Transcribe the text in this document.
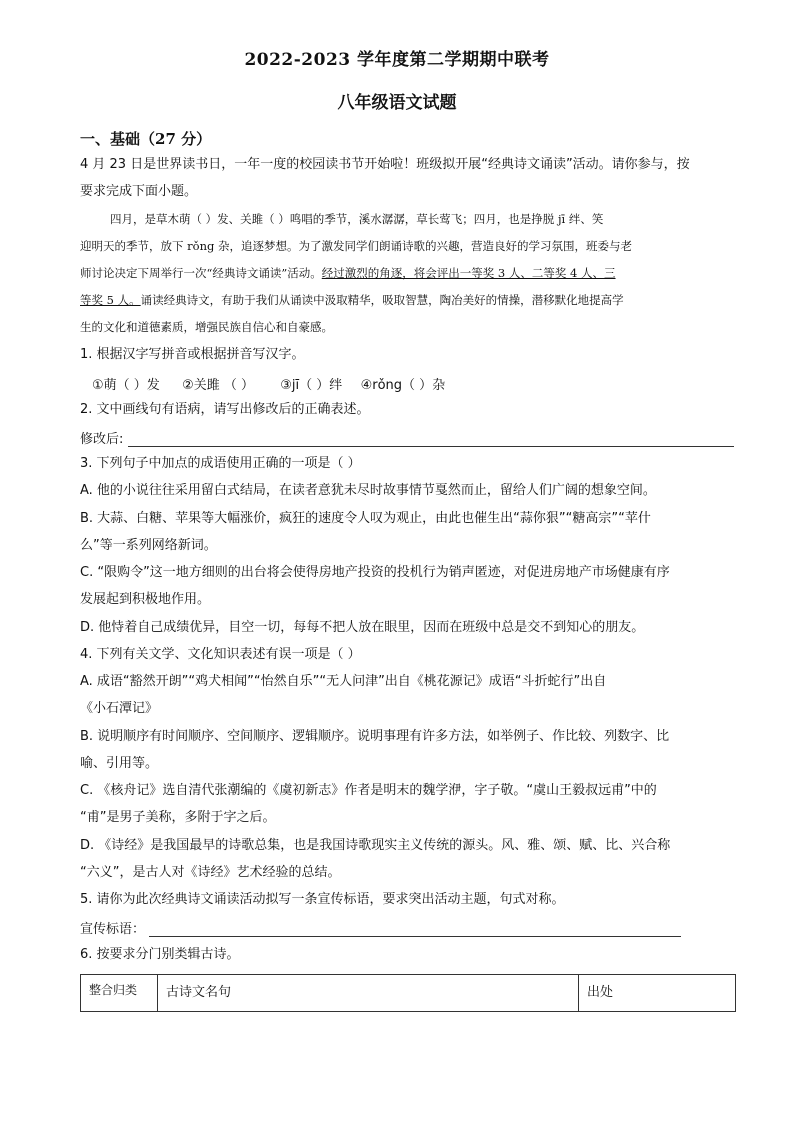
2022-2023 学年度第二学期期中联考
八年级语文试题
一、基础（27 分）
4 月 23 日是世界读书日，一年一度的校园读书节开始啦！班级拟开展“经典诗文诵读”活动。请你参与，按
要求完成下面小题。
四月，是草木萌（ ）发、关雎（ ）鸣唱的季节，溪水潺潺，草长莺飞；四月，也是挣脱 jī 绊、笑
迎明天的季节，放下 rǒng 杂，追逐梦想。为了激发同学们朗诵诗歌的兴趣，营造良好的学习氛围，班委与老
师讨论决定下周举行一次“经典诗文诵读”活动。经过激烈的角逐，将会评出一等奖 3 人、二等奖 4 人、三
等奖 5 人。诵读经典诗文，有助于我们从诵读中汲取精华，吸取智慧，陶冶美好的情操，潜移默化地提高学
生的文化和道德素质，增强民族自信心和自豪感。
1. 根据汉字写拼音或根据拼音写汉字。
①萌（ ）发 ②关雎 （ ） ③jī（ ）绊 ④rǒng（ ）杂
2. 文中画线句有语病，请写出修改后的正确表述。
修改后:
3. 下列句子中加点的成语使用正确的一项是（ ）
A. 他的小说往往采用留白式结局，在读者意犹未尽时故事情节戛然而止，留给人们广阔的想象空间。
B. 大蒜、白糖、苹果等大幅涨价，疯狂的速度令人叹为观止，由此也催生出“蒜你狠”“糖高宗”“苹什
么”等一系列网络新词。
C. “限购令”这一地方细则的出台将会使得房地产投资的投机行为销声匿迹，对促进房地产市场健康有序
发展起到积极地作用。
D. 他恃着自己成绩优异，目空一切，每每不把人放在眼里，因而在班级中总是交不到知心的朋友。
4. 下列有关文学、文化知识表述有误一项是（ ）
A. 成语“豁然开朗”“鸡犬相闻”“怡然自乐”“无人问津”出自《桃花源记》成语“斗折蛇行”出自
《小石潭记》
B. 说明顺序有时间顺序、空间顺序、逻辑顺序。说明事理有许多方法，如举例子、作比较、列数字、比
喻、引用等。
C. 《核舟记》选自清代张潮编的《虞初新志》作者是明末的魏学洢，字子敬。“虞山王毅叔远甫”中的
“甫”是男子美称，多附于字之后。
D. 《诗经》是我国最早的诗歌总集，也是我国诗歌现实主义传统的源头。风、雅、颂、赋、比、兴合称
“六义”，是古人对《诗经》艺术经验的总结。
5. 请你为此次经典诗文诵读活动拟写一条宣传标语，要求突出活动主题，句式对称。
宣传标语：
6. 按要求分门别类辑古诗。
整合归类	古诗文名句	出处
